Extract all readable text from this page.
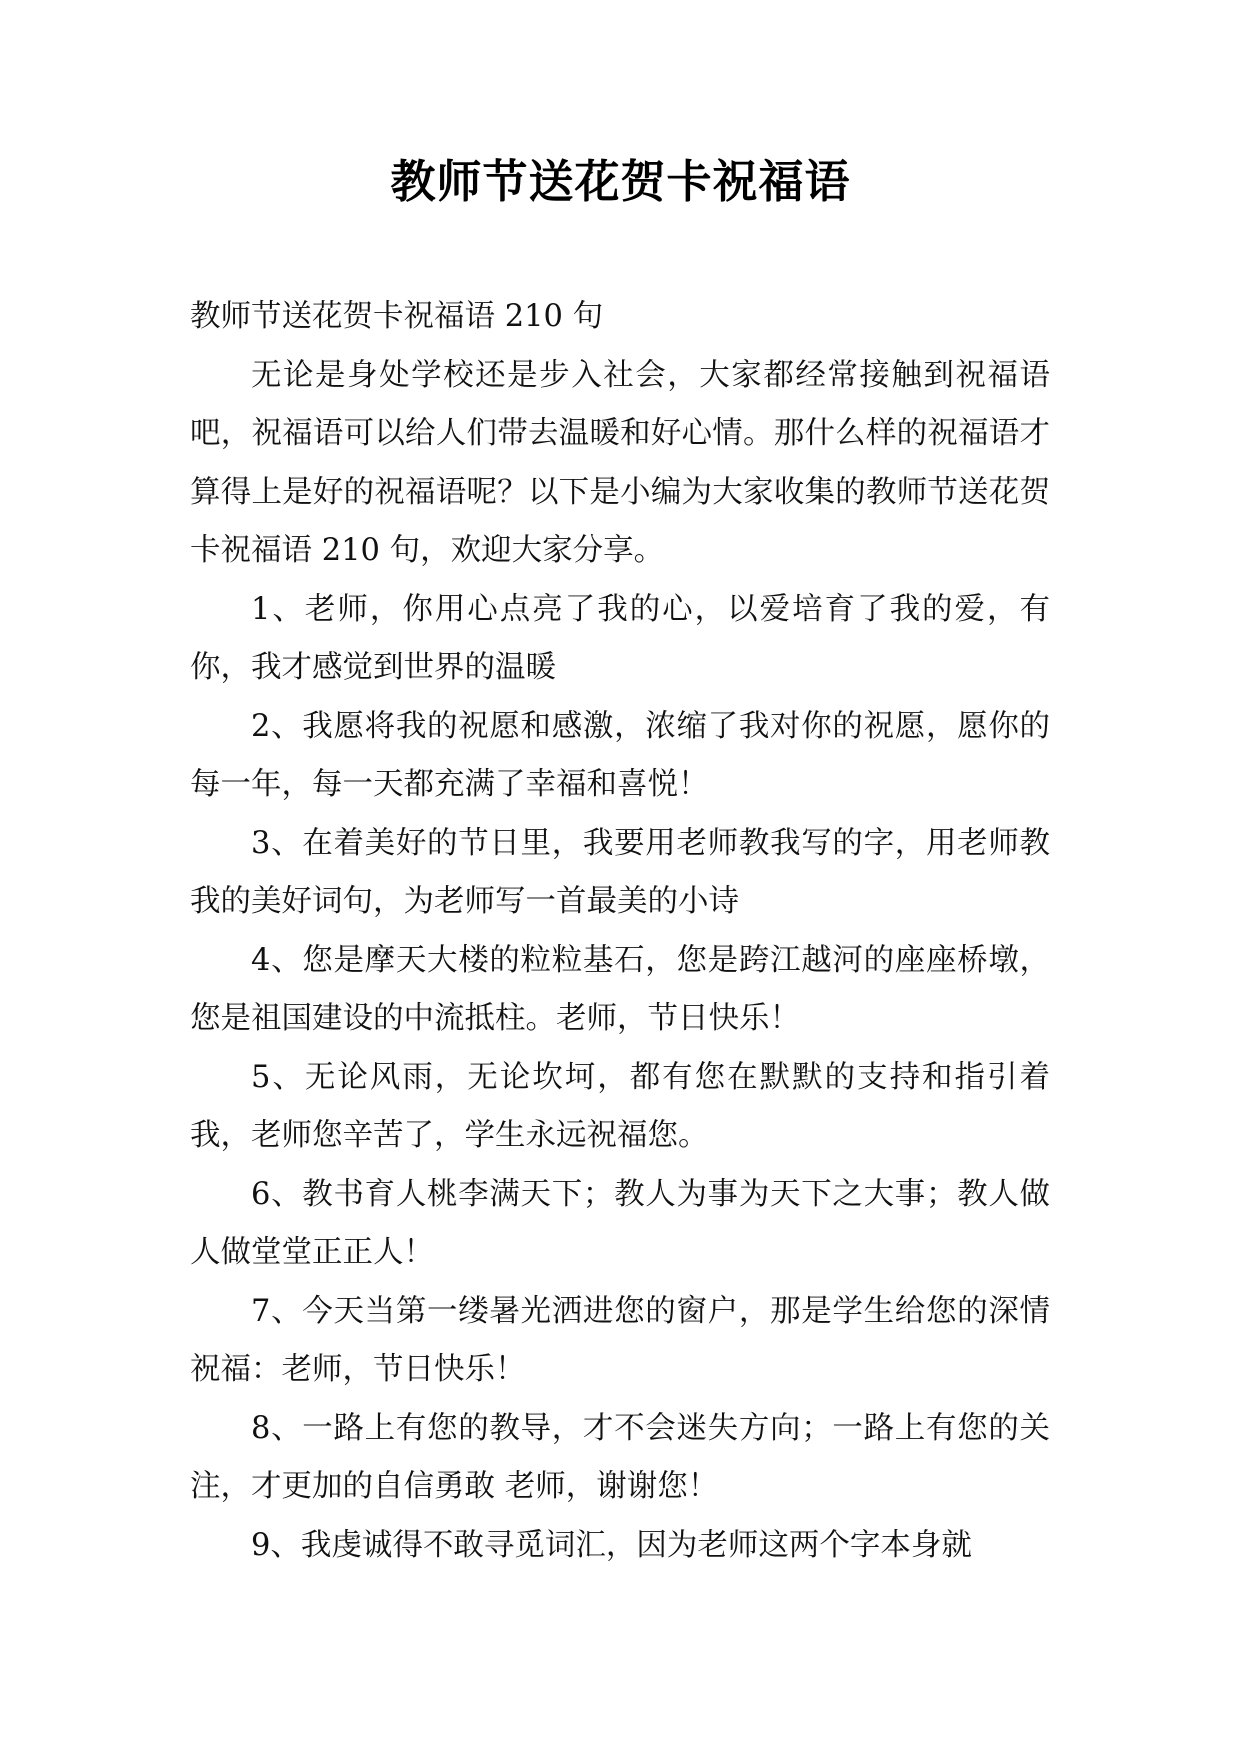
教师节送花贺卡祝福语

教师节送花贺卡祝福语 210 句

无论是身处学校还是步入社会，大家都经常接触到祝福语吧，祝福语可以给人们带去温暖和好心情。那什么样的祝福语才算得上是好的祝福语呢？以下是小编为大家收集的教师节送花贺卡祝福语 210 句，欢迎大家分享。

1、老师，你用心点亮了我的心，以爱培育了我的爱，有你，我才感觉到世界的温暖

2、我愿将我的祝愿和感激，浓缩了我对你的祝愿，愿你的每一年，每一天都充满了幸福和喜悦！

3、在着美好的节日里，我要用老师教我写的字，用老师教我的美好词句，为老师写一首最美的小诗

4、您是摩天大楼的粒粒基石，您是跨江越河的座座桥墩，您是祖国建设的中流抵柱。老师，节日快乐！

5、无论风雨，无论坎坷，都有您在默默的支持和指引着我，老师您辛苦了，学生永远祝福您。

6、教书育人桃李满天下；教人为事为天下之大事；教人做人做堂堂正正人！

7、今天当第一缕暑光洒进您的窗户，那是学生给您的深情祝福：老师，节日快乐！

8、一路上有您的教导，才不会迷失方向；一路上有您的关注，才更加的自信勇敢 老师，谢谢您！

9、我虔诚得不敢寻觅词汇，因为老师这两个字本身就
